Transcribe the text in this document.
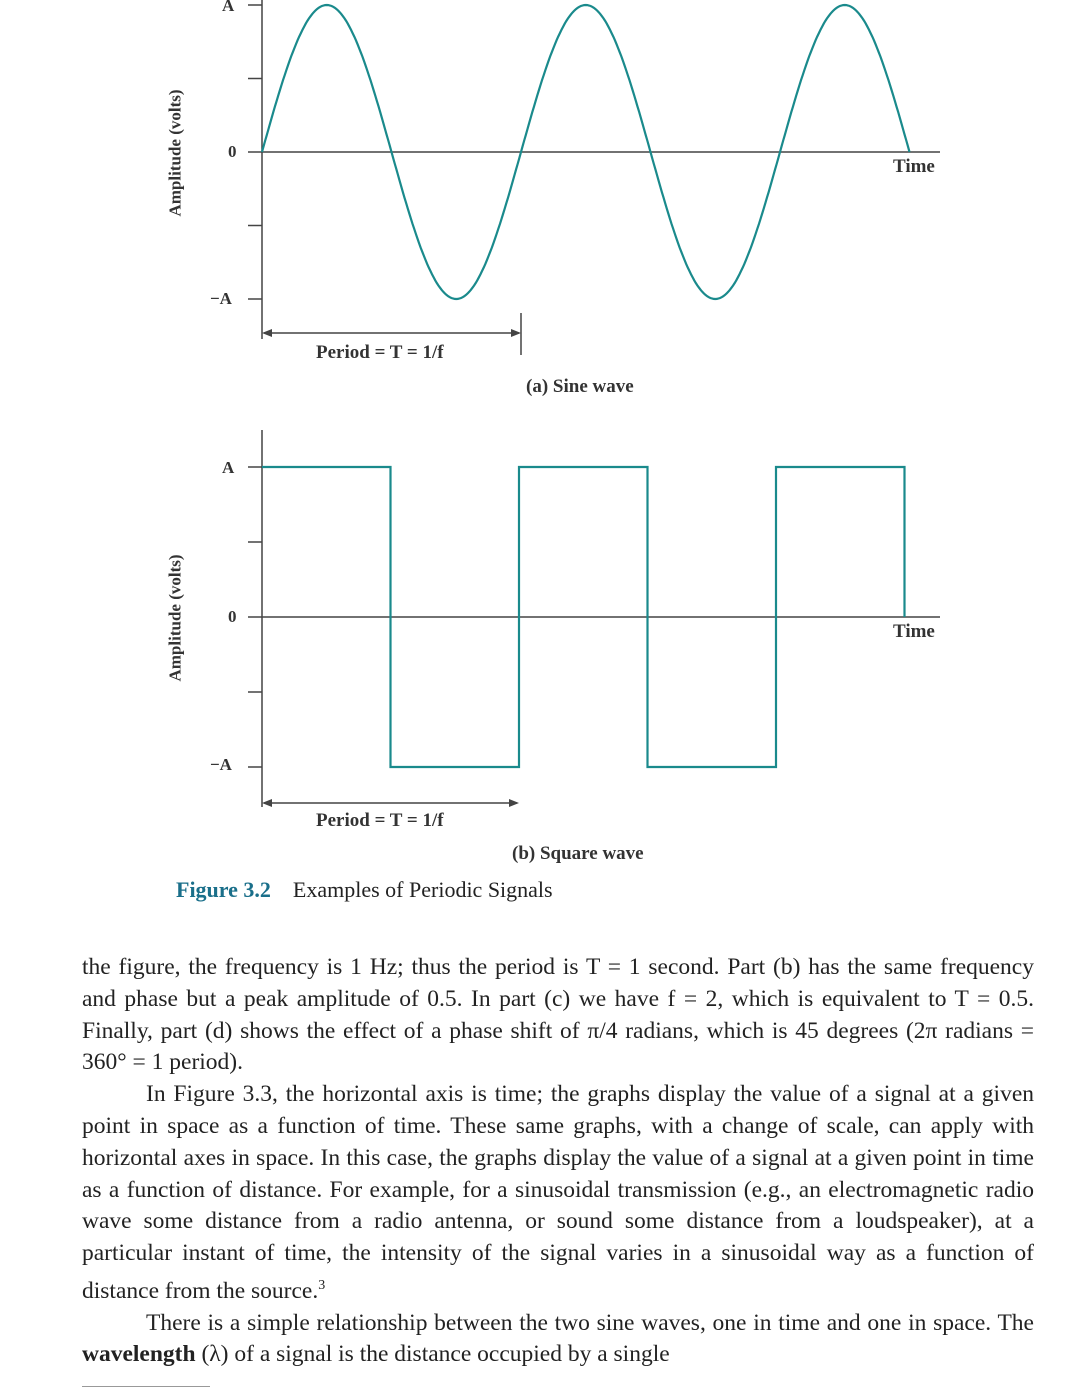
Amplitude (volts)
A
0
−A
Time
Period = T = 1/f
(a) Sine wave
Amplitude (volts)
A
0
−A
Time
Period = T = 1/f
(b) Square wave
Figure 3.2 Examples of Periodic Signals

the figure, the frequency is 1 Hz; thus the period is T = 1 second. Part (b) has the same frequency and phase but a peak amplitude of 0.5. In part (c) we have f = 2, which is equivalent to T = 0.5. Finally, part (d) shows the effect of a phase shift of π/4 radians, which is 45 degrees (2π radians = 360° = 1 period).

In Figure 3.3, the horizontal axis is time; the graphs display the value of a signal at a given point in space as a function of time. These same graphs, with a change of scale, can apply with horizontal axes in space. In this case, the graphs display the value of a signal at a given point in time as a function of distance. For example, for a sinusoidal transmission (e.g., an electromagnetic radio wave some distance from a radio antenna, or sound some distance from a loudspeaker), at a particular instant of time, the intensity of the signal varies in a sinusoidal way as a function of distance from the source.$^3$

There is a simple relationship between the two sine waves, one in time and one in space. The wavelength (λ) of a signal is the distance occupied by a single
